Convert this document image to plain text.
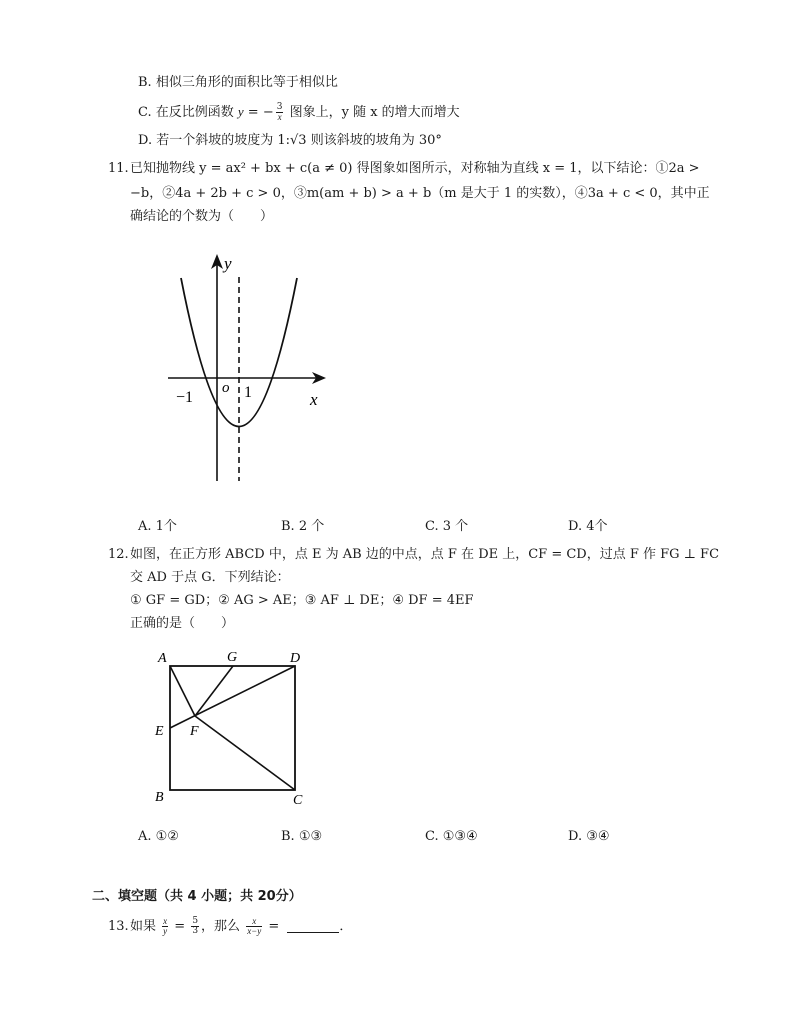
B. 相似三角形的面积比等于相似比
C. 在反比例函数 y = − $\frac{3}{x}$ 图象上，y 随 x 的增大而增大
D. 若一个斜坡的坡度为 1:√3 则该斜坡的坡角为 30°
11. 已知抛物线 y = ax² + bx + c(a ≠ 0) 得图象如图所示，对称轴为直线 x = 1，以下结论：①2a >
−b，②4a + 2b + c > 0，③m(am + b) > a + b（m 是大于 1 的实数），④3a + c < 0，其中正
确结论的个数为（　　）
y
x
o
−1	1
A. 1个	B. 2 个	C. 3 个	D. 4个
12. 如图，在正方形 ABCD 中，点 E 为 AB 边的中点，点 F 在 DE 上，CF = CD，过点 F 作 FG ⊥ FC
交 AD 于点 G．下列结论：
① GF = GD；② AG > AE；③ AF ⊥ DE；④ DF = 4EF
正确的是（　　）
A	G	D
E F
B	C
A. ①②	B. ①③	C. ①③④	D. ③④
二、填空题（共 4 小题；共 20分）
13. 如果 $\frac{x}{y} = \frac{5}{3}$ ，那么 $\frac{x}{x-y}$ =	．
